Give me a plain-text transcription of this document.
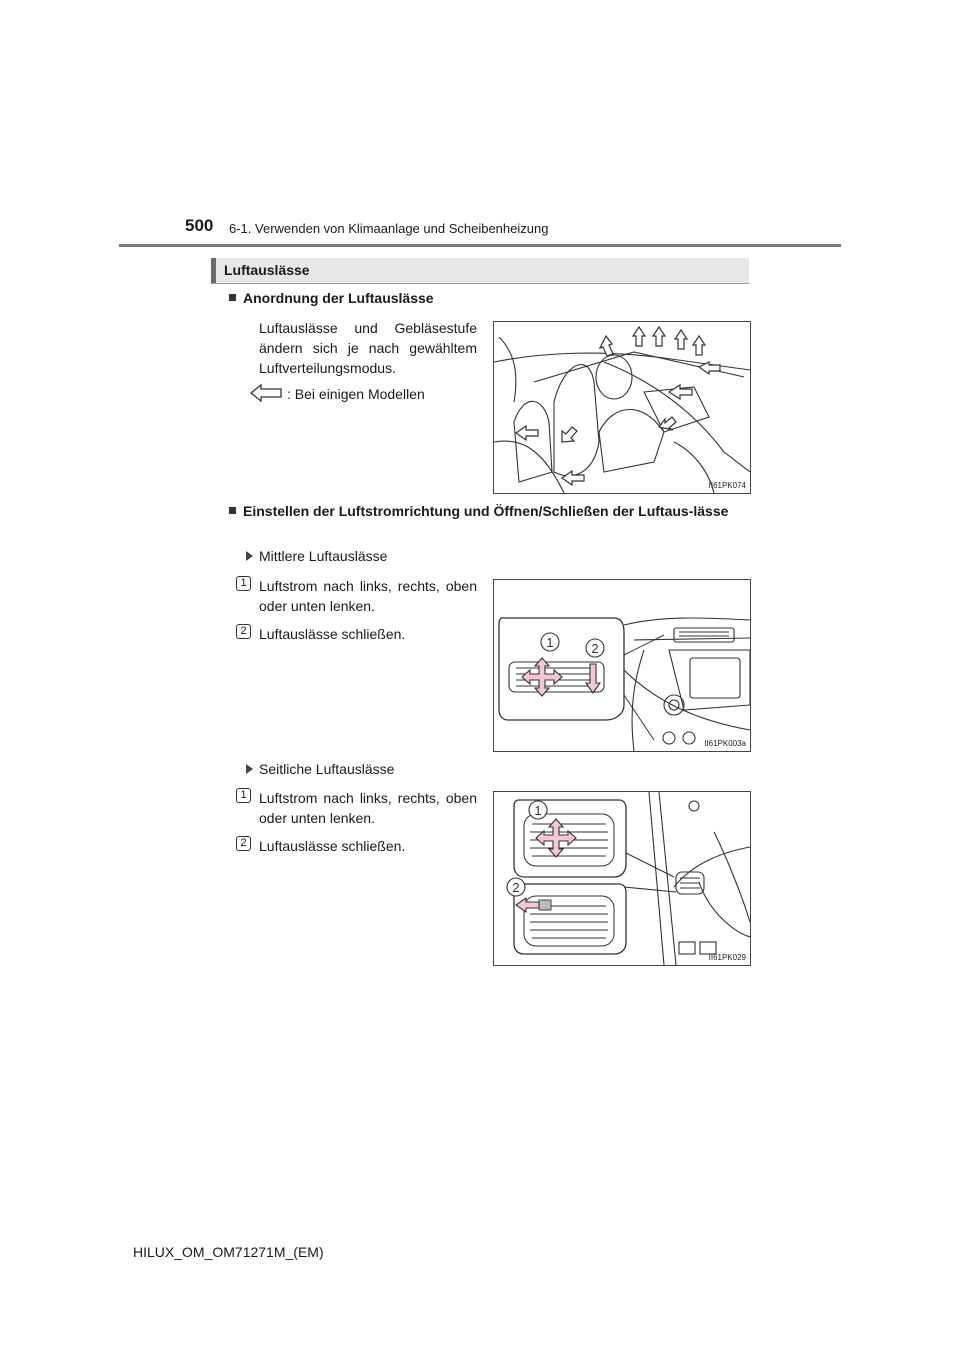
500 6-1. Verwenden von Klimaanlage und Scheibenheizung
Luftauslässe
Anordnung der Luftauslässe
Luftauslässe und Gebläsestufe ändern sich je nach gewähltem Luftverteilungsmodus.
: Bei einigen Modellen
II61PK074
Einstellen der Luftstromrichtung und Öffnen/Schließen der Luftaus-lässe
Mittlere Luftauslässe
1 Luftstrom nach links, rechts, oben oder unten lenken.
2 Luftauslässe schließen.
1	2
II61PK003a
Seitliche Luftauslässe
1 Luftstrom nach links, rechts, oben oder unten lenken.
2 Luftauslässe schließen.
1
2
II61PK029
HILUX_OM_OM71271M_(EM)
